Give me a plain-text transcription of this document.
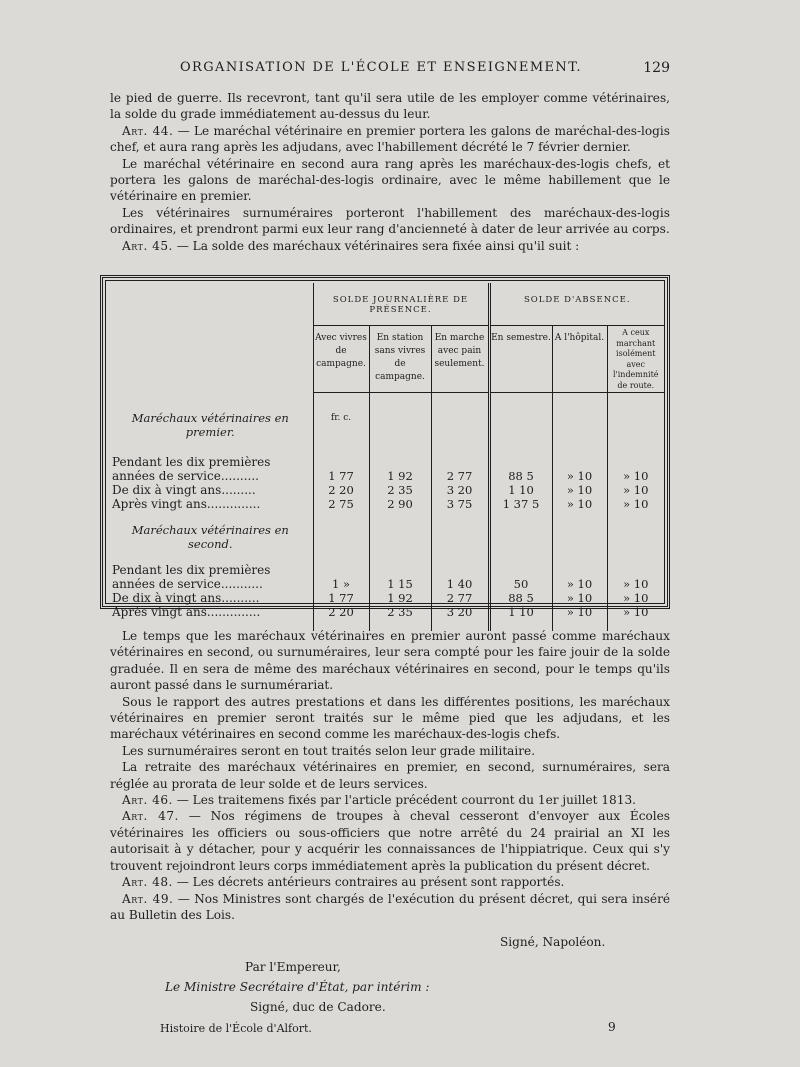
ORGANISATION DE L'ÉCOLE ET ENSEIGNEMENT.	129

le pied de guerre. Ils recevront, tant qu'il sera utile de les employer comme vétérinaires, la solde du grade immédiatement au-dessus du leur.

Art. 44. — Le maréchal vétérinaire en premier portera les galons de maréchal-des-logis chef, et aura rang après les adjudans, avec l'habillement décrété le 7 février dernier.

Le maréchal vétérinaire en second aura rang après les maréchaux-des-logis chefs, et portera les galons de maréchal-des-logis ordinaire, avec le même habillement que le vétérinaire en premier.

Les vétérinaires surnuméraires porteront l'habillement des maréchaux-des-logis ordinaires, et prendront parmi eux leur rang d'ancienneté à dater de leur arrivée au corps.

Art. 45. — La solde des maréchaux vétérinaires sera fixée ainsi qu'il suit :

	SOLDE JOURNALIÈRE DE PRÉSENCE.			SOLDE D'ABSENCE.		
	Avec vivres de campagne.	En station sans vivres de campagne.	En marche avec pain seulement.	En semestre.	A l'hôpital.	A ceux marchant isolément avec l'indemnité de route.
Maréchaux vétérinaires en premier.	fr. c.					
Pendant les dix premières années de service..........	1 77	1 92	2 77	88 5	» 10	» 10
De dix à vingt ans.........	2 20	2 35	3 20	1 10	» 10	» 10
Après vingt ans..............	2 75	2 90	3 75	1 37 5	» 10	» 10
Maréchaux vétérinaires en second.						
Pendant les dix premières années de service...........	1 »	1 15	1 40	50	» 10	» 10
De dix à vingt ans..........	1 77	1 92	2 77	88 5	» 10	» 10
Après vingt ans..............	2 20	2 35	3 20	1 10	» 10	» 10

Le temps que les maréchaux vétérinaires en premier auront passé comme maréchaux vétérinaires en second, ou surnuméraires, leur sera compté pour les faire jouir de la solde graduée. Il en sera de même des maréchaux vétérinaires en second, pour le temps qu'ils auront passé dans le surnumérariat.

Sous le rapport des autres prestations et dans les différentes positions, les maréchaux vétérinaires en premier seront traités sur le même pied que les adjudans, et les maréchaux vétérinaires en second comme les maréchaux-des-logis chefs.

Les surnuméraires seront en tout traités selon leur grade militaire.

La retraite des maréchaux vétérinaires en premier, en second, surnuméraires, sera réglée au prorata de leur solde et de leurs services.

Art. 46. — Les traitemens fixés par l'article précédent courront du 1er juillet 1813.

Art. 47. — Nos régimens de troupes à cheval cesseront d'envoyer aux Écoles vétérinaires les officiers ou sous-officiers que notre arrêté du 24 prairial an XI les autorisait à y détacher, pour y acquérir les connaissances de l'hippiatrique. Ceux qui s'y trouvent rejoindront leurs corps immédiatement après la publication du présent décret.

Art. 48. — Les décrets antérieurs contraires au présent sont rapportés.

Art. 49. — Nos Ministres sont chargés de l'exécution du présent décret, qui sera inséré au Bulletin des Lois.

Signé, Napoléon.
Par l'Empereur,
Le Ministre Secrétaire d'État, par intérim :
Signé, duc de Cadore.
Histoire de l'École d'Alfort.	9
